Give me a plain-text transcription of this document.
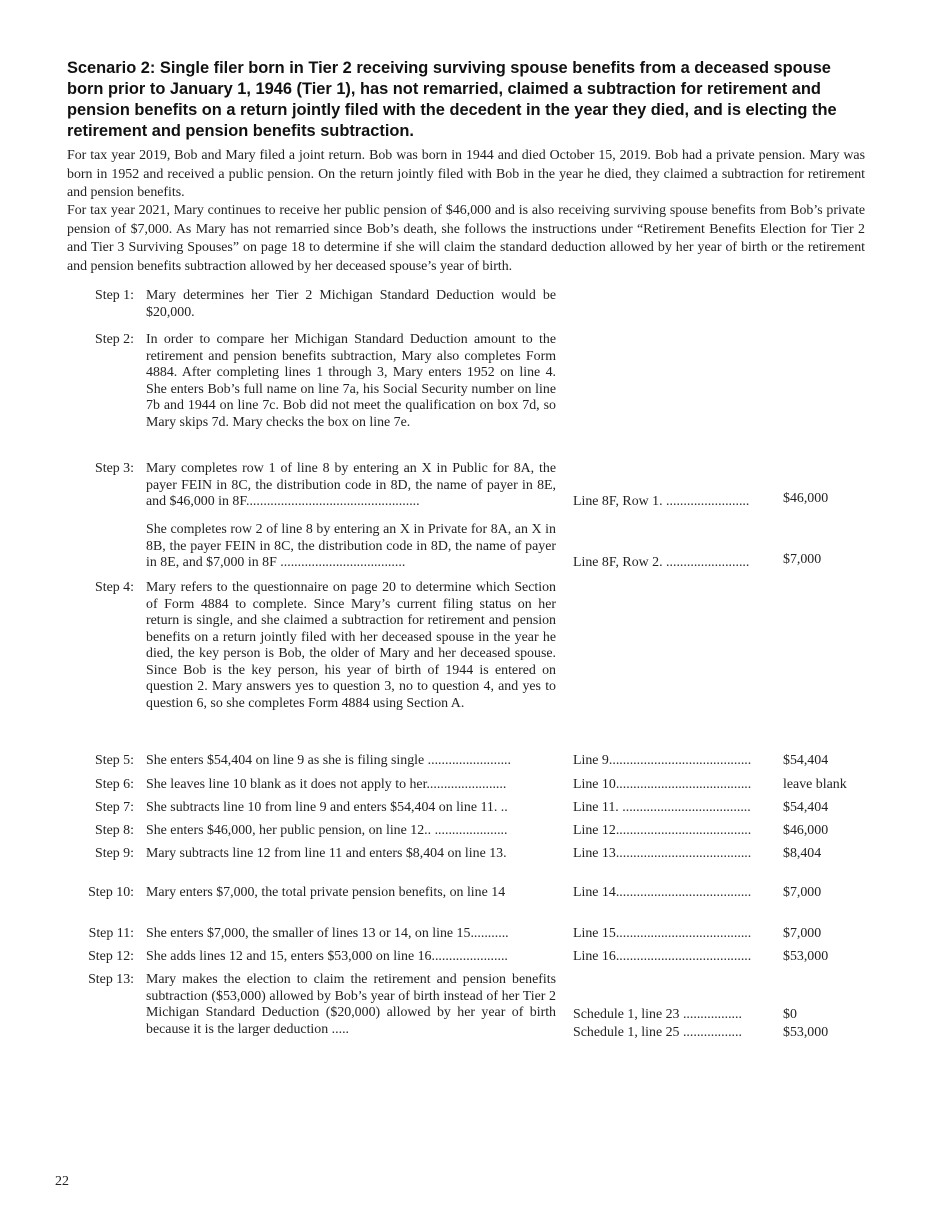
Scenario 2: Single filer born in Tier 2 receiving surviving spouse benefits from a deceased spouse born prior to January 1, 1946 (Tier 1), has not remarried, claimed a subtraction for retirement and pension benefits on a return jointly filed with the decedent in the year they died, and is electing the retirement and pension benefits subtraction.
For tax year 2019, Bob and Mary filed a joint return. Bob was born in 1944 and died October 15, 2019. Bob had a private pension. Mary was born in 1952 and received a public pension. On the return jointly filed with Bob in the year he died, they claimed a subtraction for retirement and pension benefits.
For tax year 2021, Mary continues to receive her public pension of $46,000 and is also receiving surviving spouse benefits from Bob’s private pension of $7,000. As Mary has not remarried since Bob’s death, she follows the instructions under “Retirement Benefits Election for Tier 2 and Tier 3 Surviving Spouses” on page 18 to determine if she will claim the standard deduction allowed by her year of birth or the retirement and pension benefits subtraction allowed by her deceased spouse’s year of birth.
Step 1: Mary determines her Tier 2 Michigan Standard Deduction would be $20,000.
Step 2: In order to compare her Michigan Standard Deduction amount to the retirement and pension benefits subtraction, Mary also completes Form 4884. After completing lines 1 through 3, Mary enters 1952 on line 4. She enters Bob’s full name on line 7a, his Social Security number on line 7b and 1944 on line 7c. Bob did not meet the qualification on box 7d, so Mary skips 7d. Mary checks the box on line 7e.
Step 3: Mary completes row 1 of line 8 by entering an X in Public for 8A, the payer FEIN in 8C, the distribution code in 8D, the name of payer in 8E, and $46,000 in 8F..................................................	Line 8F, Row 1. ........................	$46,000
She completes row 2 of line 8 by entering an X in Private for 8A, an X in 8B, the payer FEIN in 8C, the distribution code in 8D, the name of payer in 8E, and $7,000 in 8F ....................................	Line 8F, Row 2. ........................	$7,000
Step 4: Mary refers to the questionnaire on page 20 to determine which Section of Form 4884 to complete. Since Mary’s current filing status on her return is single, and she claimed a subtraction for retirement and pension benefits on a return jointly filed with her deceased spouse in the year he died, the key person is Bob, the older of Mary and her deceased spouse. Since Bob is the key person, his year of birth of 1944 is entered on question 2. Mary answers yes to question 3, no to question 4, and yes to question 6, so she completes Form 4884 using Section A.
Step 5: She enters $54,404 on line 9 as she is filing single ........................	Line 9.........................................	$54,404
Step 6: She leaves line 10 blank as it does not apply to her.......................	Line 10.......................................	leave blank
Step 7: She subtracts line 10 from line 9 and enters $54,404 on line 11. ..	Line 11. .....................................	$54,404
Step 8: She enters $46,000, her public pension, on line 12.. .....................	Line 12.......................................	$46,000
Step 9: Mary subtracts line 12 from line 11 and enters $8,404 on line 13.	Line 13.......................................	$8,404
Step 10: Mary enters $7,000, the total private pension benefits, on line 14	Line 14.......................................	$7,000
Step 11: She enters $7,000, the smaller of lines 13 or 14, on line 15...........	Line 15.......................................	$7,000
Step 12: She adds lines 12 and 15, enters $53,000 on line 16......................	Line 16.......................................	$53,000
Step 13: Mary makes the election to claim the retirement and pension benefits subtraction ($53,000) allowed by Bob’s year of birth instead of her Tier 2 Michigan Standard Deduction ($20,000) allowed by her year of birth because it is the larger deduction .....
Schedule 1, line 23 .................	$0
Schedule 1, line 25 .................	$53,000
22
